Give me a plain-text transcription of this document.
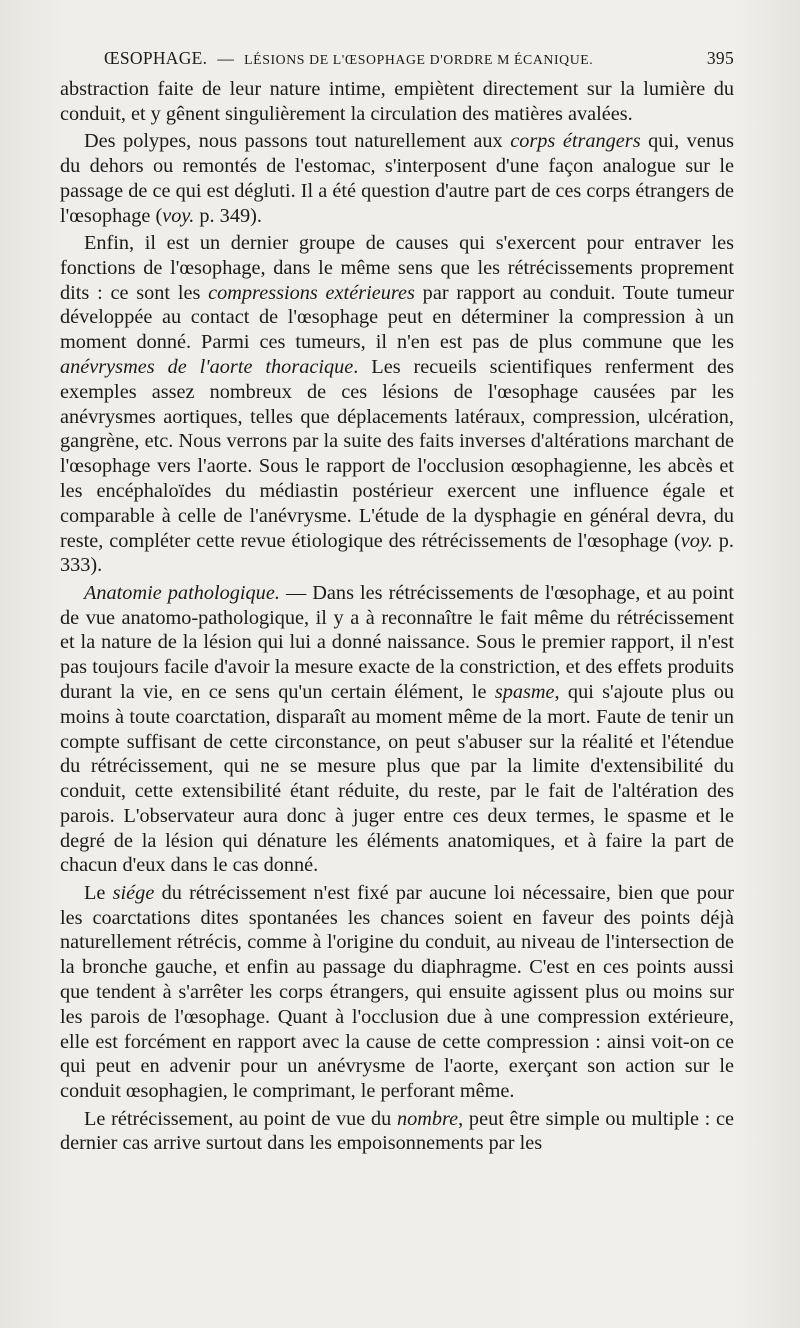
ŒSOPHAGE. — LÉSIONS DE L'ŒSOPHAGE D'ORDRE M ÉCANIQUE.	395

abstraction faite de leur nature intime, empiètent directement sur la lumière du conduit, et y gênent singulièrement la circulation des matières avalées.

Des polypes, nous passons tout naturellement aux corps étrangers qui, venus du dehors ou remontés de l'estomac, s'interposent d'une façon analogue sur le passage de ce qui est dégluti. Il a été question d'autre part de ces corps étrangers de l'œsophage (voy. p. 349).

Enfin, il est un dernier groupe de causes qui s'exercent pour entraver les fonctions de l'œsophage, dans le même sens que les rétrécissements proprement dits : ce sont les compressions extérieures par rapport au conduit. Toute tumeur développée au contact de l'œsophage peut en déterminer la compression à un moment donné. Parmi ces tumeurs, il n'en est pas de plus commune que les anévrysmes de l'aorte thoracique. Les recueils scientifiques renferment des exemples assez nombreux de ces lésions de l'œsophage causées par les anévrysmes aortiques, telles que déplacements latéraux, compression, ulcération, gangrène, etc. Nous verrons par la suite des faits inverses d'altérations marchant de l'œsophage vers l'aorte. Sous le rapport de l'occlusion œsophagienne, les abcès et les encéphaloïdes du médiastin postérieur exercent une influence égale et comparable à celle de l'anévrysme. L'étude de la dysphagie en général devra, du reste, compléter cette revue étiologique des rétrécissements de l'œsophage (voy. p. 333).

Anatomie pathologique. — Dans les rétrécissements de l'œsophage, et au point de vue anatomo-pathologique, il y a à reconnaître le fait même du rétrécissement et la nature de la lésion qui lui a donné naissance. Sous le premier rapport, il n'est pas toujours facile d'avoir la mesure exacte de la constriction, et des effets produits durant la vie, en ce sens qu'un certain élément, le spasme, qui s'ajoute plus ou moins à toute coarctation, disparaît au moment même de la mort. Faute de tenir un compte suffisant de cette circonstance, on peut s'abuser sur la réalité et l'étendue du rétrécissement, qui ne se mesure plus que par la limite d'extensibilité du conduit, cette extensibilité étant réduite, du reste, par le fait de l'altération des parois. L'observateur aura donc à juger entre ces deux termes, le spasme et le degré de la lésion qui dénature les éléments anatomiques, et à faire la part de chacun d'eux dans le cas donné.

Le siége du rétrécissement n'est fixé par aucune loi nécessaire, bien que pour les coarctations dites spontanées les chances soient en faveur des points déjà naturellement rétrécis, comme à l'origine du conduit, au niveau de l'intersection de la bronche gauche, et enfin au passage du diaphragme. C'est en ces points aussi que tendent à s'arrêter les corps étrangers, qui ensuite agissent plus ou moins sur les parois de l'œsophage. Quant à l'occlusion due à une compression extérieure, elle est forcément en rapport avec la cause de cette compression : ainsi voit-on ce qui peut en advenir pour un anévrysme de l'aorte, exerçant son action sur le conduit œsophagien, le comprimant, le perforant même.

Le rétrécissement, au point de vue du nombre, peut être simple ou multiple : ce dernier cas arrive surtout dans les empoisonnements par les
